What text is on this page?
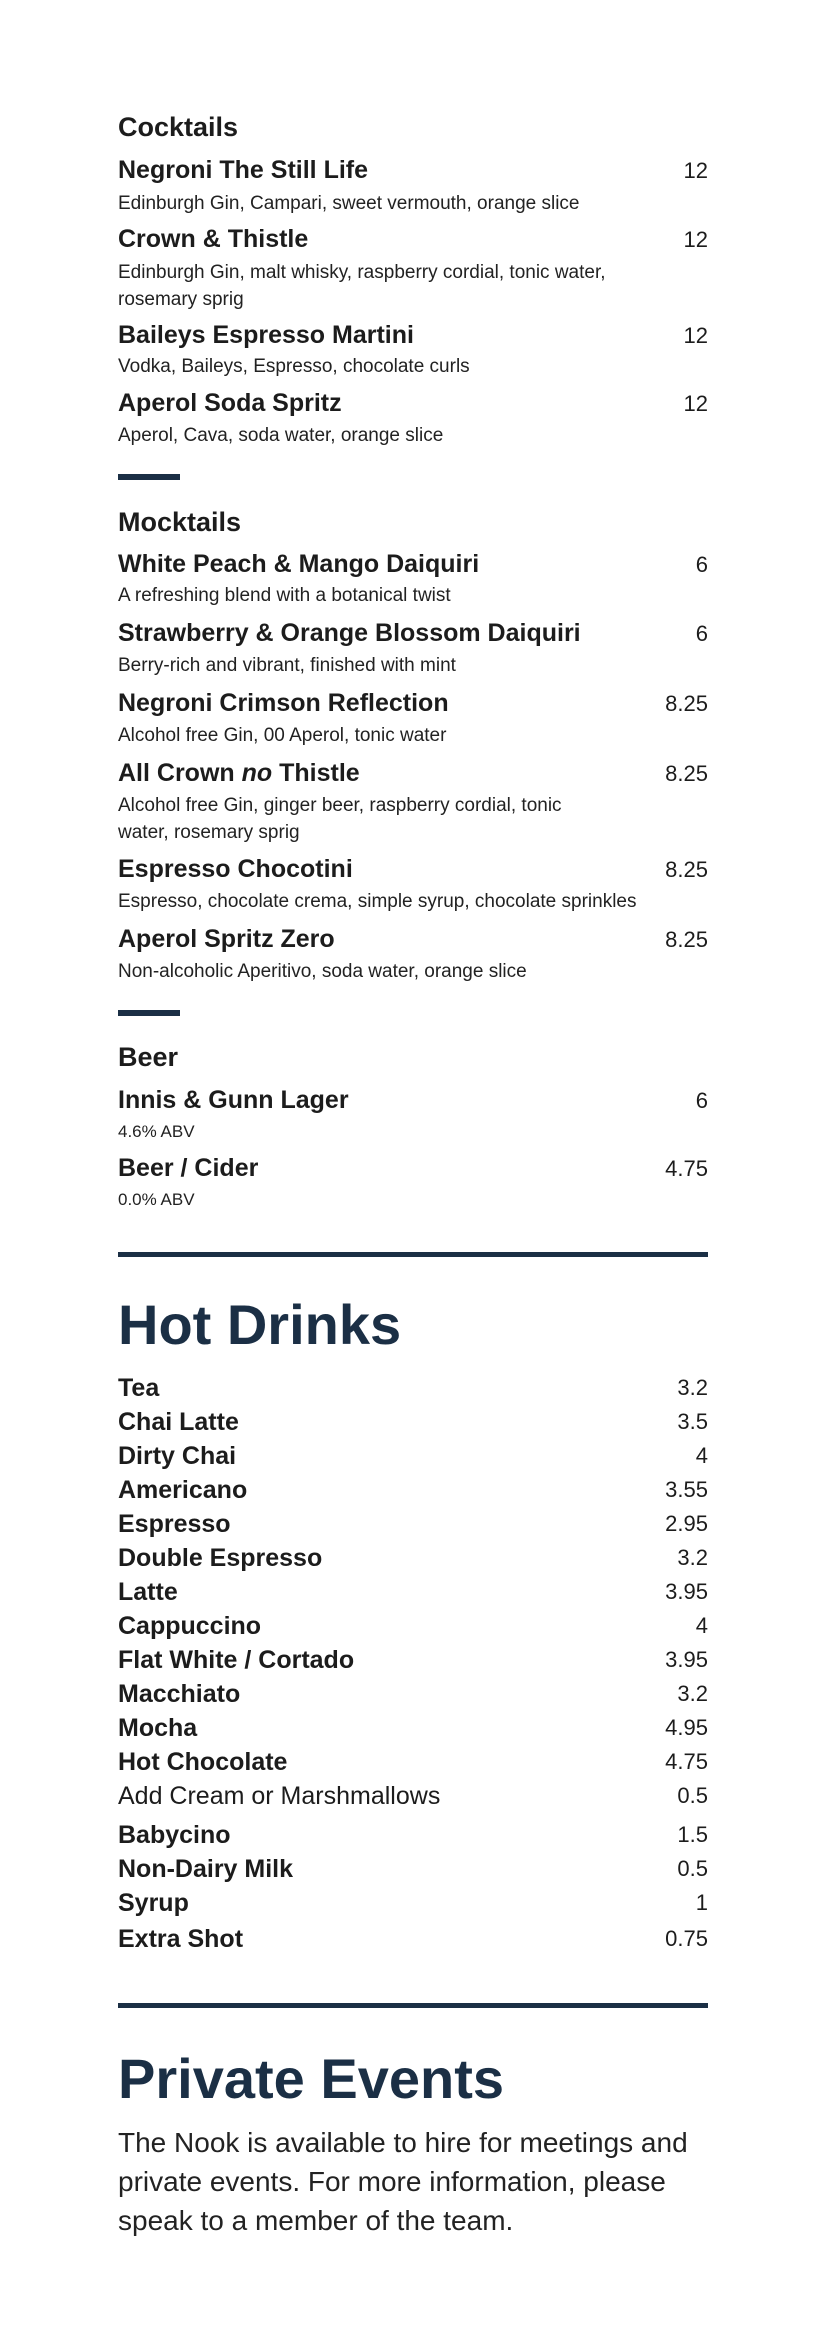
Cocktails
Negroni The Still Life	12
Edinburgh Gin, Campari, sweet vermouth, orange slice
Crown & Thistle	12
Edinburgh Gin, malt whisky, raspberry cordial, tonic water, rosemary sprig
Baileys Espresso Martini	12
Vodka, Baileys, Espresso, chocolate curls
Aperol Soda Spritz	12
Aperol, Cava, soda water, orange slice
Mocktails
White Peach & Mango Daiquiri	6
A refreshing blend with a botanical twist
Strawberry & Orange Blossom Daiquiri	6
Berry-rich and vibrant, finished with mint
Negroni Crimson Reflection	8.25
Alcohol free Gin, 00 Aperol, tonic water
All Crown no Thistle	8.25
Alcohol free Gin, ginger beer, raspberry cordial, tonic water, rosemary sprig
Espresso Chocotini	8.25
Espresso, chocolate crema, simple syrup, chocolate sprinkles
Aperol Spritz Zero	8.25
Non-alcoholic Aperitivo, soda water, orange slice
Beer
Innis & Gunn Lager	6
4.6% ABV
Beer / Cider	4.75
0.0% ABV
Hot Drinks
Tea	3.2
Chai Latte	3.5
Dirty Chai	4
Americano	3.55
Espresso	2.95
Double Espresso	3.2
Latte	3.95
Cappuccino	4
Flat White / Cortado	3.95
Macchiato	3.2
Mocha	4.95
Hot Chocolate	4.75
Add Cream or Marshmallows	0.5
Babycino	1.5
Non-Dairy Milk	0.5
Syrup	1
Extra Shot	0.75
Private Events
The Nook is available to hire for meetings and private events. For more information, please speak to a member of the team.
